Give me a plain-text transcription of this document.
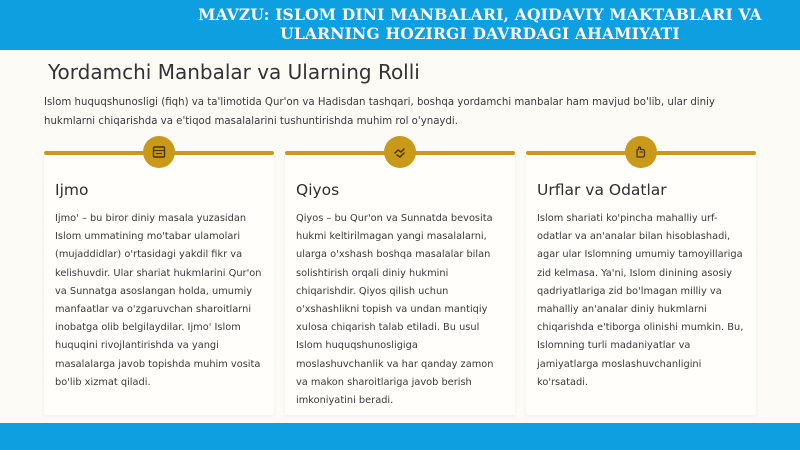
MAVZU: ISLOM DINI MANBALARI, AQIDAVIY MAKTABLARI VA ULARNING HOZIRGI DAVRDAGI AHAMIYATI
Yordamchi Manbalar va Ularning Rolli

Islom huquqshunosligi (fiqh) va ta'limotida Qur'on va Hadisdan tashqari, boshqa yordamchi manbalar ham mavjud bo'lib, ular diniy hukmlarni chiqarishda va e'tiqod masalalarini tushuntirishda muhim rol o'ynaydi.

Ijmo

Ijmo' – bu biror diniy masala yuzasidan Islom ummatining mo'tabar ulamolari (mujaddidlar) o'rtasidagi yakdil fikr va kelishuvdir. Ular shariat hukmlarini Qur'on va Sunnatga asoslangan holda, umumiy manfaatlar va o'zgaruvchan sharoitlarni inobatga olib belgilaydilar. Ijmo' Islom huquqini rivojlantirishda va yangi masalalarga javob topishda muhim vosita bo'lib xizmat qiladi.

Qiyos

Qiyos – bu Qur'on va Sunnatda bevosita hukmi keltirilmagan yangi masalalarni, ularga o'xshash boshqa masalalar bilan solishtirish orqali diniy hukmini chiqarishdir. Qiyos qilish uchun o'xshashlikni topish va undan mantiqiy xulosa chiqarish talab etiladi. Bu usul Islom huquqshunosligiga moslashuvchanlik va har qanday zamon va makon sharoitlariga javob berish imkoniyatini beradi.

Urflar va Odatlar

Islom shariati ko'pincha mahalliy urf-odatlar va an'analar bilan hisoblashadi, agar ular Islomning umumiy tamoyillariga zid kelmasa. Ya'ni, Islom dinining asosiy qadriyatlariga zid bo'lmagan milliy va mahalliy an'analar diniy hukmlarni chiqarishda e'tiborga olinishi mumkin. Bu, Islomning turli madaniyatlar va jamiyatlarga moslashuvchanligini ko'rsatadi.
